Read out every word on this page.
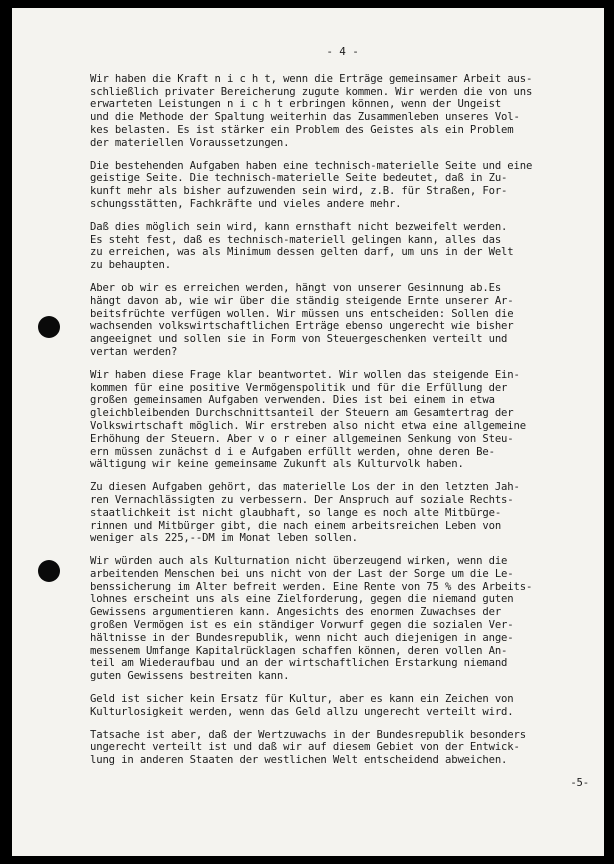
- 4 -
Wir haben die Kraft n i c h t, wenn die Erträge gemeinsamer Arbeit aus-
schließlich privater Bereicherung zugute kommen. Wir werden die von uns
erwarteten Leistungen n i c h t erbringen können, wenn der Ungeist
und die Methode der Spaltung weiterhin das Zusammenleben unseres Vol-
kes belasten. Es ist stärker ein Problem des Geistes als ein Problem
der materiellen Voraussetzungen.
Die bestehenden Aufgaben haben eine technisch-materielle Seite und eine
geistige Seite. Die technisch-materielle Seite bedeutet, daß in Zu-
kunft mehr als bisher aufzuwenden sein wird, z.B. für Straßen, For-
schungsstätten, Fachkräfte und vieles andere mehr.
Daß dies möglich sein wird, kann ernsthaft nicht bezweifelt werden.
Es steht fest, daß es technisch-materiell gelingen kann, alles das
zu erreichen, was als Minimum dessen gelten darf, um uns in der Welt
zu behaupten.
Aber ob wir es erreichen werden, hängt von unserer Gesinnung ab.Es
hängt davon ab, wie wir über die ständig steigende Ernte unserer Ar-
beitsfrüchte verfügen wollen. Wir müssen uns entscheiden: Sollen die
wachsenden volkswirtschaftlichen Erträge ebenso ungerecht wie bisher
angeeignet und sollen sie in Form von Steuergeschenken verteilt und
vertan werden?
Wir haben diese Frage klar beantwortet. Wir wollen das steigende Ein-
kommen für eine positive Vermögenspolitik und für die Erfüllung der
großen gemeinsamen Aufgaben verwenden. Dies ist bei einem in etwa
gleichbleibenden Durchschnittsanteil der Steuern am Gesamtertrag der
Volkswirtschaft möglich. Wir erstreben also nicht etwa eine allgemeine
Erhöhung der Steuern. Aber v o r einer allgemeinen Senkung von Steu-
ern müssen zunächst d i e Aufgaben erfüllt werden, ohne deren Be-
wältigung wir keine gemeinsame Zukunft als Kulturvolk haben.
Zu diesen Aufgaben gehört, das materielle Los der in den letzten Jah-
ren Vernachlässigten zu verbessern. Der Anspruch auf soziale Rechts-
staatlichkeit ist nicht glaubhaft, so lange es noch alte Mitbürge-
rinnen und Mitbürger gibt, die nach einem arbeitsreichen Leben von
weniger als 225,--DM im Monat leben sollen.
Wir würden auch als Kulturnation nicht überzeugend wirken, wenn die
arbeitenden Menschen bei uns nicht von der Last der Sorge um die Le-
benssicherung im Alter befreit werden. Eine Rente von 75 % des Arbeits-
lohnes erscheint uns als eine Zielforderung, gegen die niemand guten
Gewissens argumentieren kann. Angesichts des enormen Zuwachses der
großen Vermögen ist es ein ständiger Vorwurf gegen die sozialen Ver-
hältnisse in der Bundesrepublik, wenn nicht auch diejenigen in ange-
messenem Umfange Kapitalrücklagen schaffen können, deren vollen An-
teil am Wiederaufbau und an der wirtschaftlichen Erstarkung niemand
guten Gewissens bestreiten kann.
Geld ist sicher kein Ersatz für Kultur, aber es kann ein Zeichen von
Kulturlosigkeit werden, wenn das Geld allzu ungerecht verteilt wird.
Tatsache ist aber, daß der Wertzuwachs in der Bundesrepublik besonders
ungerecht verteilt ist und daß wir auf diesem Gebiet von der Entwick-
lung in anderen Staaten der westlichen Welt entscheidend abweichen.
-5-
